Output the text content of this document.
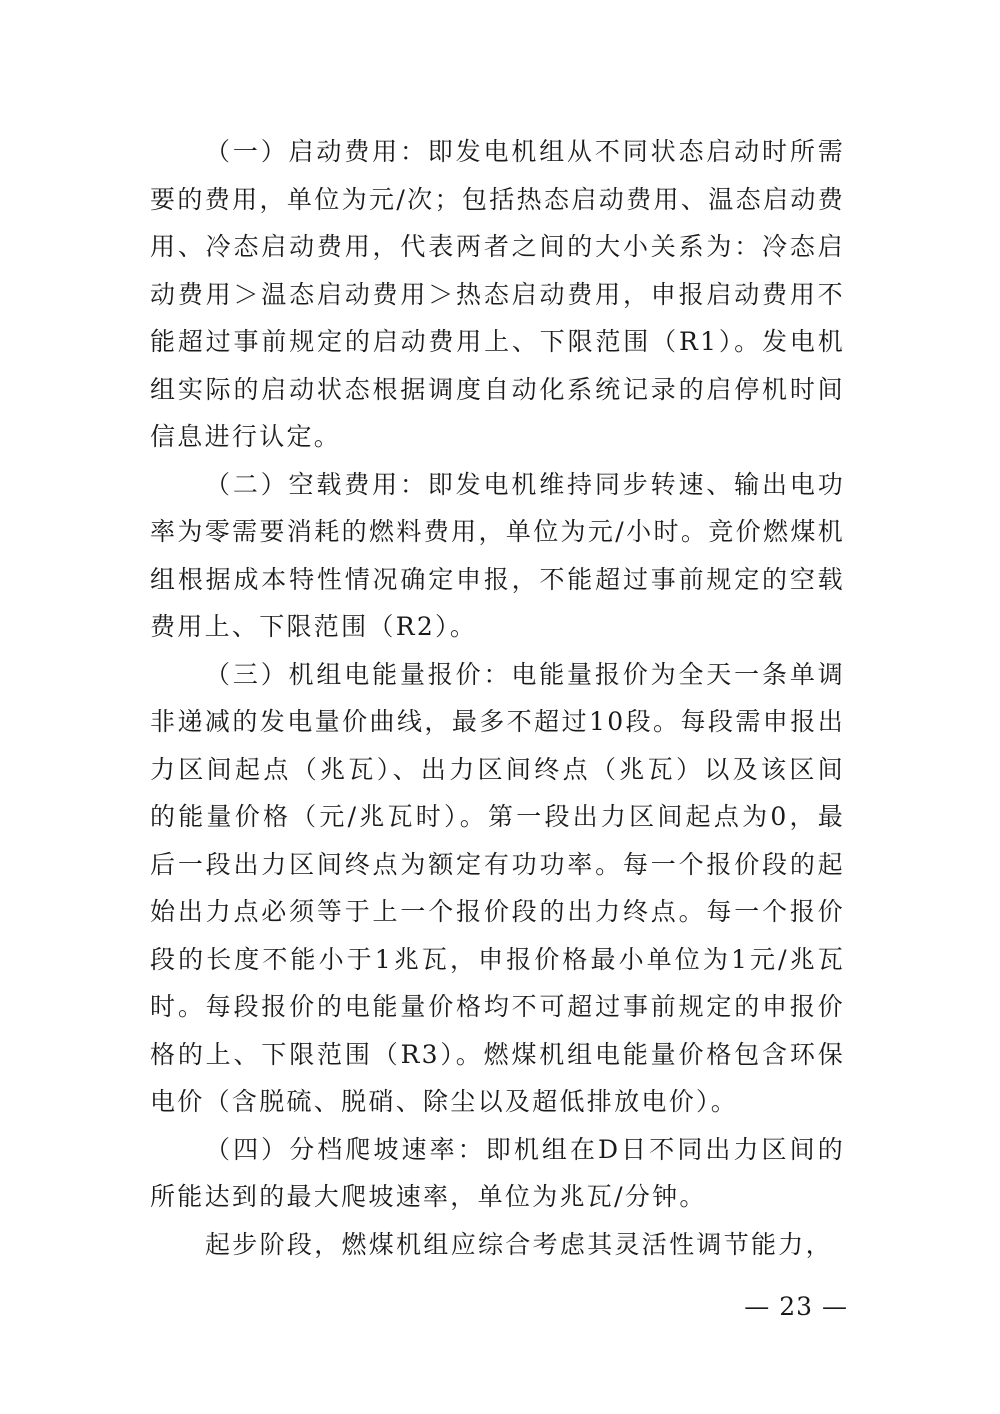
（一）启动费用：即发电机组从不同状态启动时所需要的费用，单位为元/次；包括热态启动费用、温态启动费用、冷态启动费用，代表两者之间的大小关系为：冷态启动费用＞温态启动费用＞热态启动费用，申报启动费用不能超过事前规定的启动费用上、下限范围（R1）。发电机组实际的启动状态根据调度自动化系统记录的启停机时间信息进行认定。

（二）空载费用：即发电机维持同步转速、输出电功率为零需要消耗的燃料费用，单位为元/小时。竞价燃煤机组根据成本特性情况确定申报，不能超过事前规定的空载费用上、下限范围（R2）。

（三）机组电能量报价：电能量报价为全天一条单调非递减的发电量价曲线，最多不超过10段。每段需申报出力区间起点（兆瓦）、出力区间终点（兆瓦）以及该区间的能量价格（元/兆瓦时）。第一段出力区间起点为0，最后一段出力区间终点为额定有功功率。每一个报价段的起始出力点必须等于上一个报价段的出力终点。每一个报价段的长度不能小于1兆瓦，申报价格最小单位为1元/兆瓦时。每段报价的电能量价格均不可超过事前规定的申报价格的上、下限范围（R3）。燃煤机组电能量价格包含环保电价（含脱硫、脱硝、除尘以及超低排放电价）。

（四）分档爬坡速率：即机组在D日不同出力区间的所能达到的最大爬坡速率，单位为兆瓦/分钟。

起步阶段，燃煤机组应综合考虑其灵活性调节能力，

— 23 —
